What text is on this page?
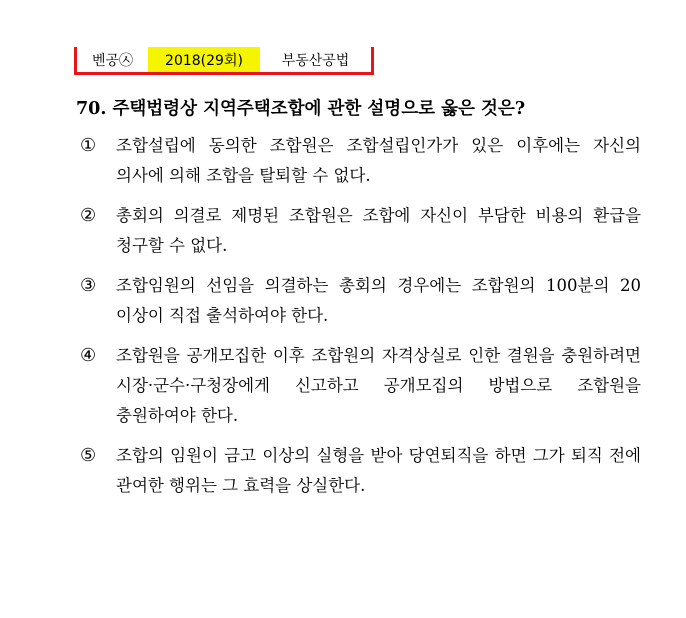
벤공㉦	2018(29회)	부동산공법
70. 주택법령상 지역주택조합에 관한 설명으로 옳은 것은?
①	조합설립에 동의한 조합원은 조합설립인가가 있은 이후에는 자신의 의사에 의해 조합을 탈퇴할 수 없다.
②	총회의 의결로 제명된 조합원은 조합에 자신이 부담한 비용의 환급을 청구할 수 없다.
③	조합임원의 선임을 의결하는 총회의 경우에는 조합원의 100분의 20 이상이 직접 출석하여야 한다.
④	조합원을 공개모집한 이후 조합원의 자격상실로 인한 결원을 충원하려면 시장·군수·구청장에게 신고하고 공개모집의 방법으로 조합원을 충원하여야 한다.
⑤	조합의 임원이 금고 이상의 실형을 받아 당연퇴직을 하면 그가 퇴직 전에 관여한 행위는 그 효력을 상실한다.
